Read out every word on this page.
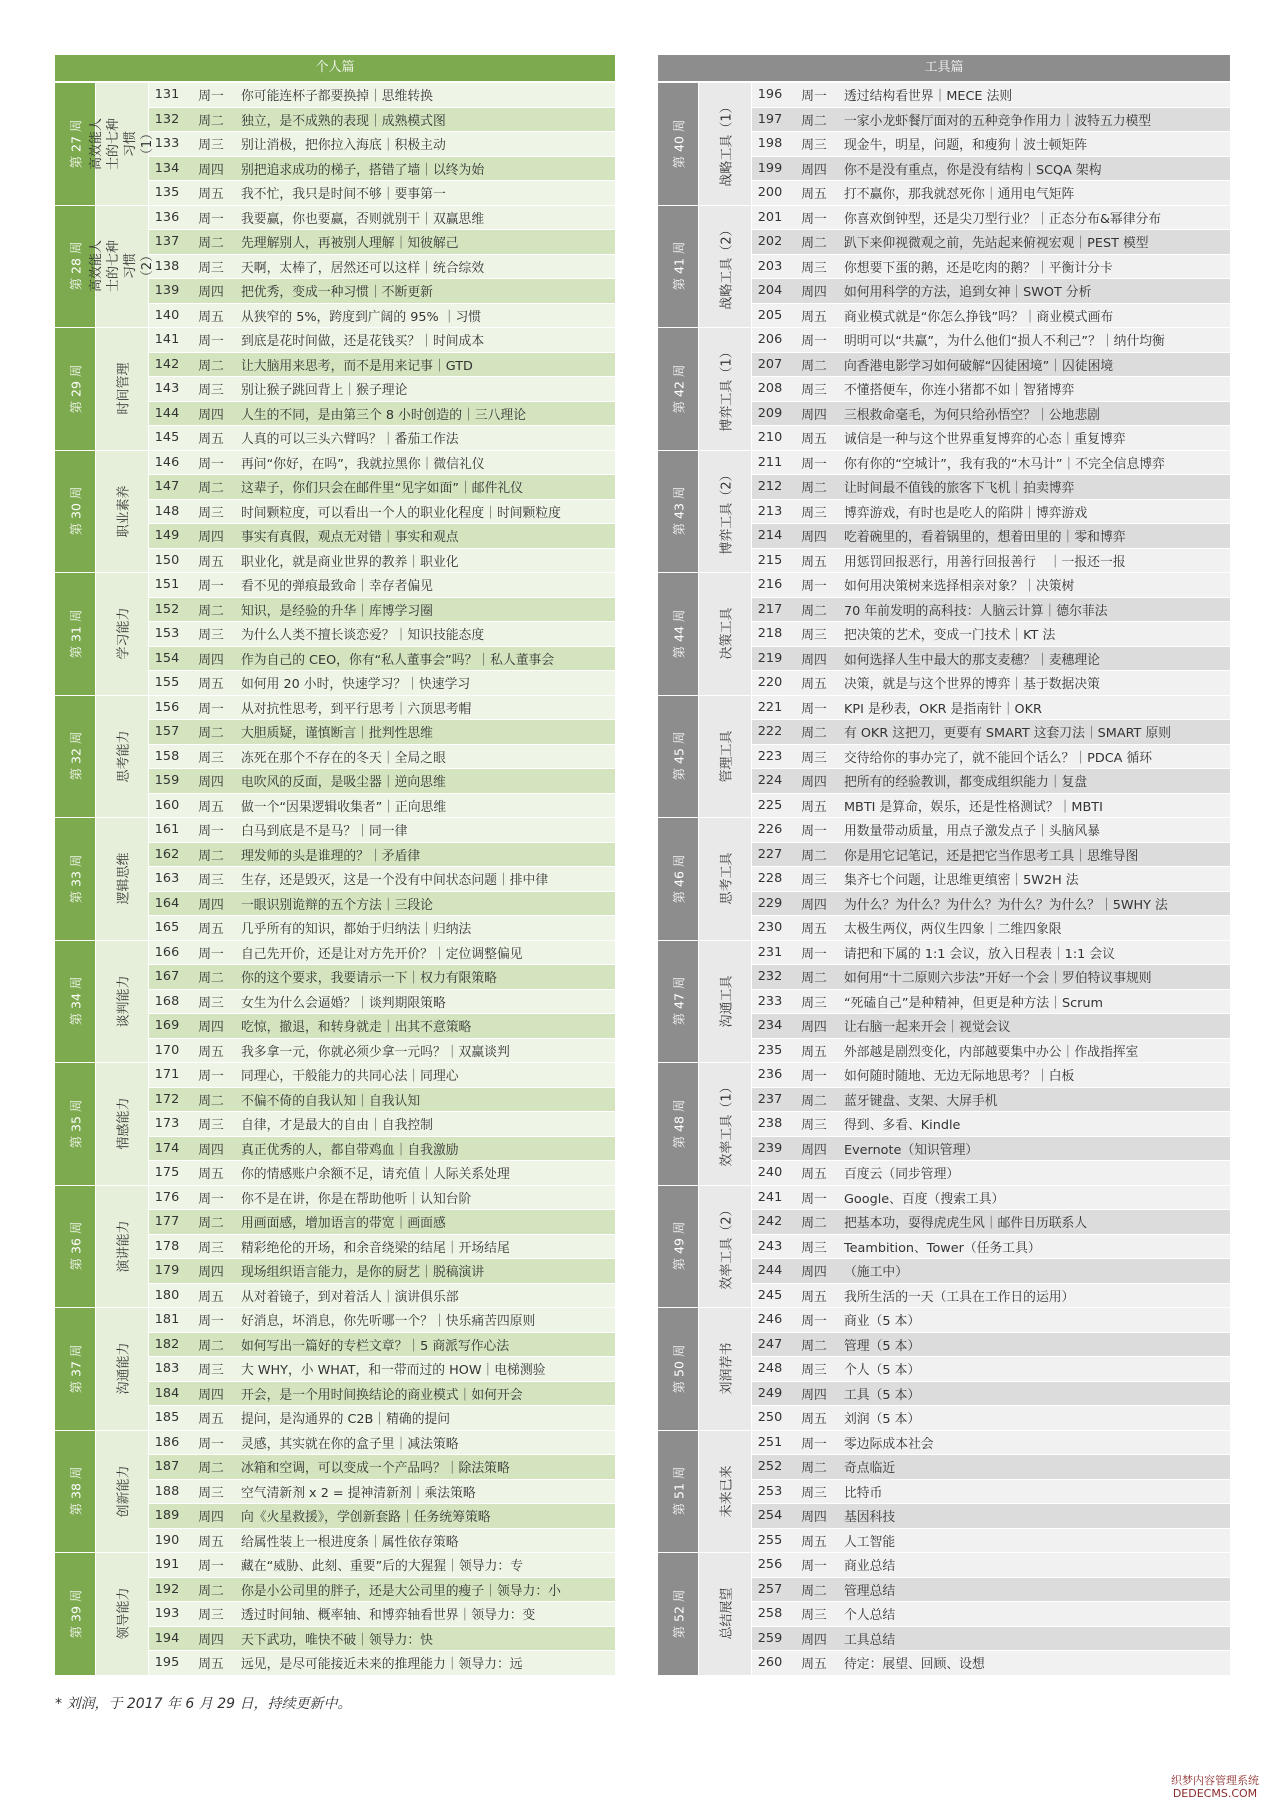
个人篇
第 27 周 高效能人士的七种习惯（1）
131	周一	你可能连杯子都要换掉｜思维转换
132	周二	独立，是不成熟的表现｜成熟模式图
133	周三	别让消极，把你拉入海底｜积极主动
134	周四	别把追求成功的梯子，搭错了墙｜以终为始
135	周五	我不忙，我只是时间不够｜要事第一
第 28 周 高效能人士的七种习惯（2）
136	周一	我要赢，你也要赢，否则就别干｜双赢思维
137	周二	先理解别人，再被别人理解｜知彼解己
138	周三	天啊，太棒了，居然还可以这样｜统合综效
139	周四	把优秀，变成一种习惯｜不断更新
140	周五	从狭窄的 5%，跨度到广阔的 95% ｜习惯
第 29 周	时间管理
141	周一	到底是花时间做，还是花钱买？｜时间成本
142	周二	让大脑用来思考，而不是用来记事｜GTD
143	周三	别让猴子跳回背上｜猴子理论
144	周四	人生的不同，是由第三个 8 小时创造的｜三八理论
145	周五	人真的可以三头六臂吗？｜番茄工作法
第 30 周	职业素养
146	周一	再问“你好，在吗”，我就拉黑你｜微信礼仪
147	周二	这辈子，你们只会在邮件里“见字如面”｜邮件礼仪
148	周三	时间颗粒度，可以看出一个人的职业化程度｜时间颗粒度
149	周四	事实有真假，观点无对错｜事实和观点
150	周五	职业化，就是商业世界的教养｜职业化
第 31 周	学习能力
151	周一	看不见的弹痕最致命｜幸存者偏见
152	周二	知识，是经验的升华｜库博学习圈
153	周三	为什么人类不擅长谈恋爱？｜知识技能态度
154	周四	作为自己的 CEO，你有“私人董事会”吗？｜私人董事会
155	周五	如何用 20 小时，快速学习？｜快速学习
第 32 周	思考能力
156	周一	从对抗性思考，到平行思考｜六顶思考帽
157	周二	大胆质疑，谨慎断言｜批判性思维
158	周三	冻死在那个不存在的冬天｜全局之眼
159	周四	电吹风的反面，是吸尘器｜逆向思维
160	周五	做一个“因果逻辑收集者”｜正向思维
第 33 周	逻辑思维
161	周一	白马到底是不是马？｜同一律
162	周二	理发师的头是谁理的？｜矛盾律
163	周三	生存，还是毁灭，这是一个没有中间状态问题｜排中律
164	周四	一眼识别诡辩的五个方法｜三段论
165	周五	几乎所有的知识，都始于归纳法｜归纳法
第 34 周	谈判能力
166	周一	自己先开价，还是让对方先开价？｜定位调整偏见
167	周二	你的这个要求，我要请示一下｜权力有限策略
168	周三	女生为什么会逼婚？｜谈判期限策略
169	周四	吃惊，撤退，和转身就走｜出其不意策略
170	周五	我多拿一元，你就必须少拿一元吗？｜双赢谈判
第 35 周	情感能力
171	周一	同理心，干般能力的共同心法｜同理心
172	周二	不偏不倚的自我认知｜自我认知
173	周三	自律，才是最大的自由｜自我控制
174	周四	真正优秀的人，都自带鸡血｜自我激励
175	周五	你的情感账户余额不足，请充值｜人际关系处理
第 36 周	演讲能力
176	周一	你不是在讲，你是在帮助他听｜认知台阶
177	周二	用画面感，增加语言的带宽｜画面感
178	周三	精彩绝伦的开场，和余音绕梁的结尾｜开场结尾
179	周四	现场组织语言能力，是你的厨艺｜脱稿演讲
180	周五	从对着镜子，到对着活人｜演讲俱乐部
第 37 周	沟通能力
181	周一	好消息，坏消息，你先听哪一个？｜快乐痛苦四原则
182	周二	如何写出一篇好的专栏文章？｜5 商派写作心法
183	周三	大 WHY，小 WHAT，和一带而过的 HOW｜电梯测验
184	周四	开会，是一个用时间换结论的商业模式｜如何开会
185	周五	提问，是沟通界的 C2B｜精确的提问
第 38 周	创新能力
186	周一	灵感，其实就在你的盒子里｜减法策略
187	周二	冰箱和空调，可以变成一个产品吗？｜除法策略
188	周三	空气清新剂 x 2 = 提神清新剂｜乘法策略
189	周四	向《火星救援》，学创新套路｜任务统筹策略
190	周五	给属性装上一根进度条｜属性依存策略
第 39 周	领导能力
191	周一	藏在“威胁、此刻、重要”后的大猩猩｜领导力：专
192	周二	你是小公司里的胖子，还是大公司里的瘦子｜领导力：小
193	周三	透过时间轴、概率轴、和博弈轴看世界｜领导力：变
194	周四	天下武功，唯快不破｜领导力：快
195	周五	远见，是尽可能接近未来的推理能力｜领导力：远
工具篇
第 40 周	战略工具（1）
196	周一	透过结构看世界｜MECE 法则
197	周二	一家小龙虾餐厅面对的五种竞争作用力｜波特五力模型
198	周三	现金牛，明星，问题，和瘦狗｜波士顿矩阵
199	周四	你不是没有重点，你是没有结构｜SCQA 架构
200	周五	打不赢你，那我就怼死你｜通用电气矩阵
第 41 周	战略工具（2）
201	周一	你喜欢倒钟型，还是尖刀型行业？｜正态分布&幂律分布
202	周二	趴下来仰视微观之前，先站起来俯视宏观｜PEST 模型
203	周三	你想要下蛋的鹅，还是吃肉的鹅？｜平衡计分卡
204	周四	如何用科学的方法，追到女神｜SWOT 分析
205	周五	商业模式就是“你怎么挣钱”吗？｜商业模式画布
第 42 周	博弈工具（1）
206	周一	明明可以“共赢”，为什么他们“损人不利己”？｜纳什均衡
207	周二	向香港电影学习如何破解“囚徒困境”｜囚徒困境
208	周三	不懂搭便车，你连小猪都不如｜智猪博弈
209	周四	三根救命毫毛，为何只给孙悟空？｜公地悲剧
210	周五	诚信是一种与这个世界重复博弈的心态｜重复博弈
第 43 周	博弈工具（2）
211	周一	你有你的“空城计”，我有我的“木马计”｜不完全信息博弈
212	周二	让时间最不值钱的旅客下飞机｜拍卖博弈
213	周三	博弈游戏，有时也是吃人的陷阱｜博弈游戏
214	周四	吃着碗里的，看着锅里的，想着田里的｜零和博弈
215	周五	用惩罚回报恶行，用善行回报善行　｜一报还一报
第 44 周	决策工具
216	周一	如何用决策树来选择相亲对象？｜决策树
217	周二	70 年前发明的高科技：人脑云计算｜德尔菲法
218	周三	把决策的艺术，变成一门技术｜KT 法
219	周四	如何选择人生中最大的那支麦穗？｜麦穗理论
220	周五	决策，就是与这个世界的博弈｜基于数据决策
第 45 周	管理工具
221	周一	KPI 是秒表，OKR 是指南针｜OKR
222	周二	有 OKR 这把刀，更要有 SMART 这套刀法｜SMART 原则
223	周三	交待给你的事办完了，就不能回个话么？｜PDCA 循环
224	周四	把所有的经验教训，都变成组织能力｜复盘
225	周五	MBTI 是算命，娱乐，还是性格测试？｜MBTI
第 46 周	思考工具
226	周一	用数量带动质量，用点子激发点子｜头脑风暴
227	周二	你是用它记笔记，还是把它当作思考工具｜思维导图
228	周三	集齐七个问题，让思维更缜密｜5W2H 法
229	周四	为什么？为什么？为什么？为什么？为什么？｜5WHY 法
230	周五	太极生两仪，两仪生四象｜二维四象限
第 47 周	沟通工具
231	周一	请把和下属的 1:1 会议，放入日程表｜1:1 会议
232	周二	如何用“十二原则六步法”开好一个会｜罗伯特议事规则
233	周三	“死磕自己”是种精神，但更是种方法｜Scrum
234	周四	让右脑一起来开会｜视觉会议
235	周五	外部越是剧烈变化，内部越要集中办公｜作战指挥室
第 48 周	效率工具（1）
236	周一	如何随时随地、无边无际地思考？｜白板
237	周二	蓝牙键盘、支架、大屏手机
238	周三	得到、多看、Kindle
239	周四	Evernote（知识管理）
240	周五	百度云（同步管理）
第 49 周	效率工具（2）
241	周一	Google、百度（搜索工具）
242	周二	把基本功，耍得虎虎生风｜邮件日历联系人
243	周三	Teambition、Tower（任务工具）
244	周四	（施工中）
245	周五	我所生活的一天（工具在工作日的运用）
第 50 周	刘润荐书
246	周一	商业（5 本）
247	周二	管理（5 本）
248	周三	个人（5 本）
249	周四	工具（5 本）
250	周五	刘润（5 本）
第 51 周	未来已来
251	周一	零边际成本社会
252	周二	奇点临近
253	周三	比特币
254	周四	基因科技
255	周五	人工智能
第 52 周	总结展望
256	周一	商业总结
257	周二	管理总结
258	周三	个人总结
259	周四	工具总结
260	周五	待定：展望、回顾、设想
* 刘润，于 2017 年 6 月 29 日，持续更新中。
织梦内容管理系统
DEDECMS.COM
